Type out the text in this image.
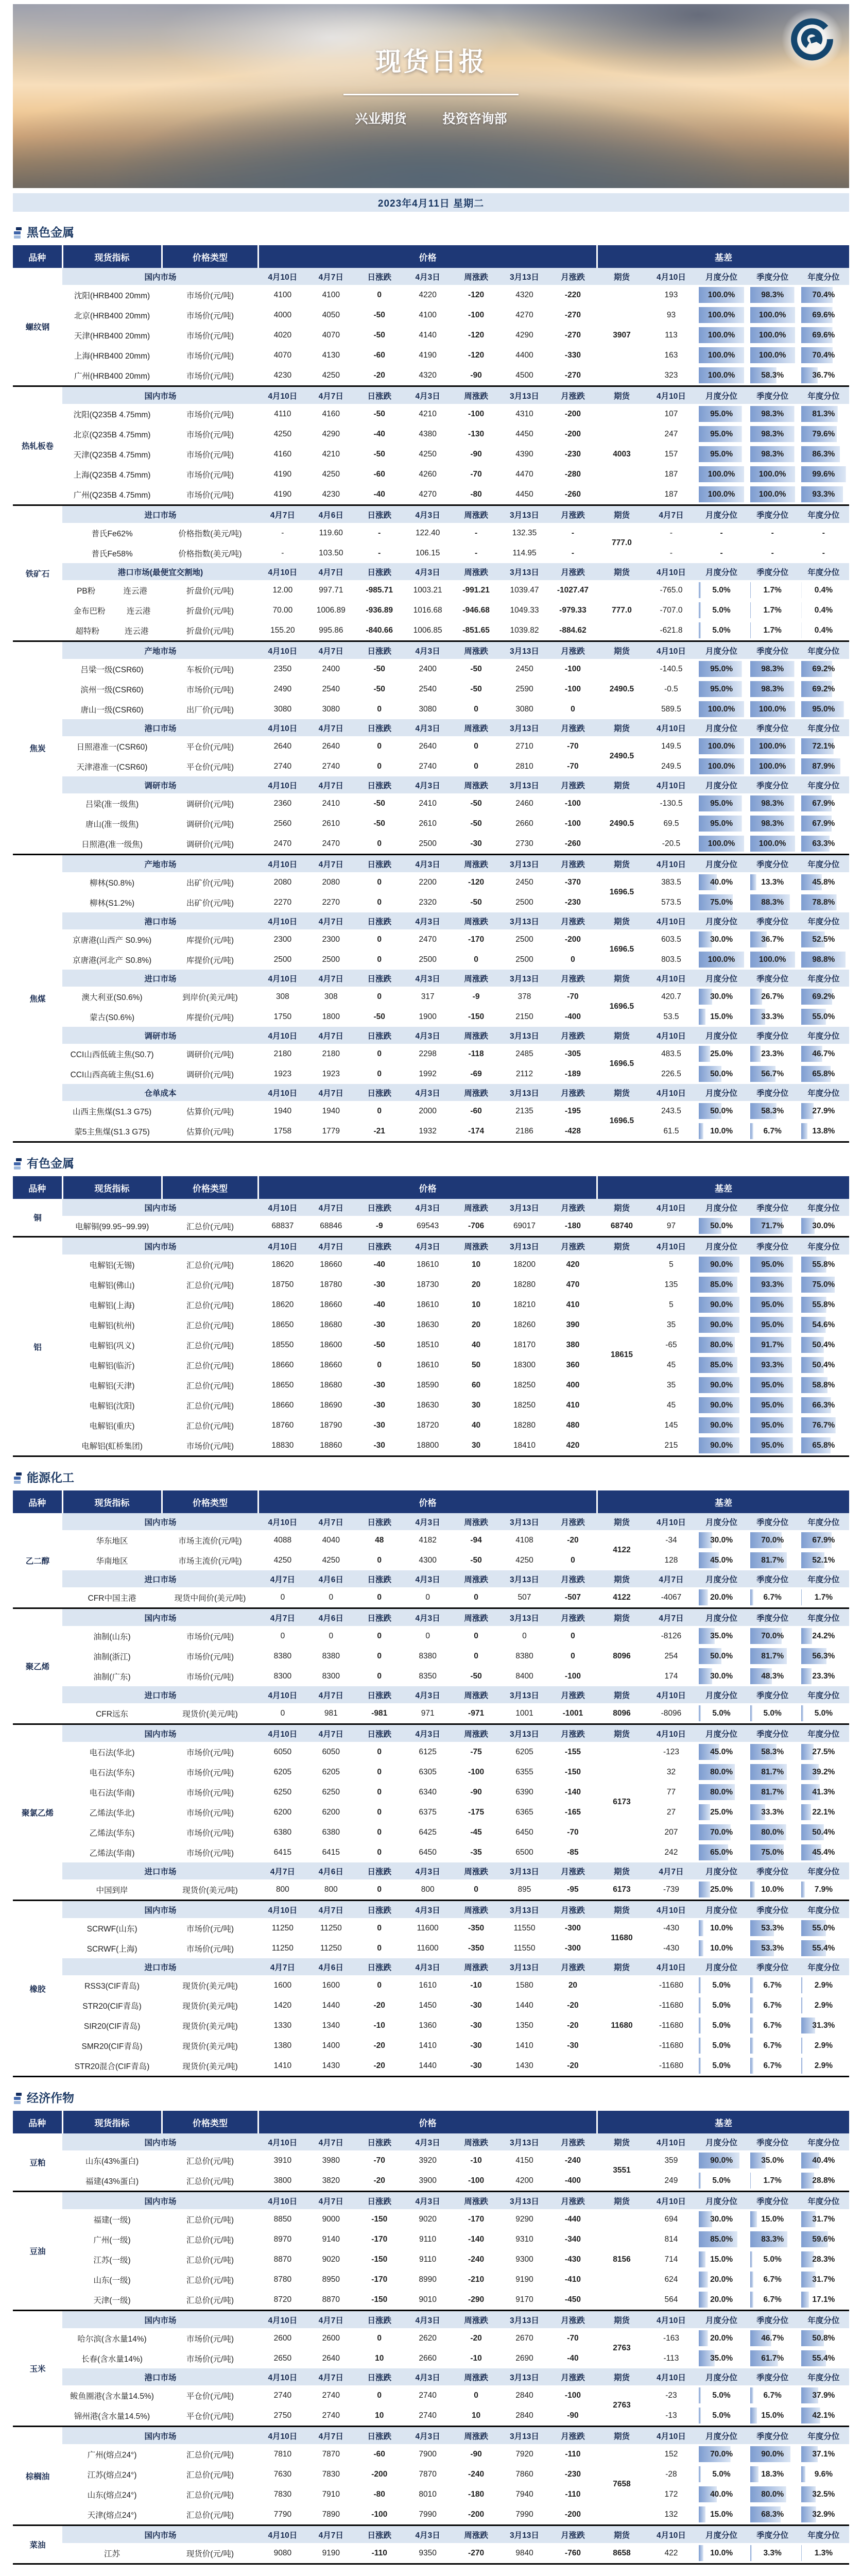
现货日报
兴业期货	投资咨询部
2023年4月11日 星期二
黑色金属
品种	现货指标	价格类型	价格							基差				
螺纹钢	国内市场		4月10日	4月7日	日涨跌	4月3日	周涨跌	3月13日	月涨跌	期货	4月10日	月度分位	季度分位	年度分位
	沈阳(HRB400 20mm)	市场价(元/吨)	4100	4100	0	4220	-120	4320	-220	3907	193	100.0%	98.3%	70.4%
	北京(HRB400 20mm)	市场价(元/吨)	4000	4050	-50	4100	-100	4270	-270		93	100.0%	100.0%	69.6%
	天津(HRB400 20mm)	市场价(元/吨)	4020	4070	-50	4140	-120	4290	-270		113	100.0%	100.0%	69.6%
	上海(HRB400 20mm)	市场价(元/吨)	4070	4130	-60	4190	-120	4400	-330		163	100.0%	100.0%	70.4%
	广州(HRB400 20mm)	市场价(元/吨)	4230	4250	-20	4320	-90	4500	-270		323	100.0%	58.3%	36.7%
热轧板卷	国内市场		4月10日	4月7日	日涨跌	4月3日	周涨跌	3月13日	月涨跌	期货	4月10日	月度分位	季度分位	年度分位
	沈阳(Q235B 4.75mm)	市场价(元/吨)	4110	4160	-50	4210	-100	4310	-200	4003	107	95.0%	98.3%	81.3%
	北京(Q235B 4.75mm)	市场价(元/吨)	4250	4290	-40	4380	-130	4450	-200		247	95.0%	98.3%	79.6%
	天津(Q235B 4.75mm)	市场价(元/吨)	4160	4210	-50	4250	-90	4390	-230		157	95.0%	98.3%	86.3%
	上海(Q235B 4.75mm)	市场价(元/吨)	4190	4250	-60	4260	-70	4470	-280		187	100.0%	100.0%	99.6%
	广州(Q235B 4.75mm)	市场价(元/吨)	4190	4230	-40	4270	-80	4450	-260		187	100.0%	100.0%	93.3%
铁矿石	进口市场		4月7日	4月6日	日涨跌	4月3日	周涨跌	3月13日	月涨跌	期货	4月7日	月度分位	季度分位	年度分位
	普氏Fe62%	价格指数(美元/吨)	-	119.60	-	122.40	-	132.35	-	777.0	-	-	-	-
	普氏Fe58%	价格指数(美元/吨)	-	103.50	-	106.15	-	114.95	-		-	-	-	-
	港口市场(最便宜交割地)		4月10日	4月7日	日涨跌	4月3日	周涨跌	3月13日	月涨跌	期货	4月10日	月度分位	季度分位	年度分位

	PB粉 连云港	折盘价(元/吨)	12.00	997.71	-985.71	1003.21	-991.21	1039.47	-1027.47	777.0	-765.0	5.0%	1.7%	0.4%

	金布巴粉 连云港	折盘价(元/吨)	70.00	1006.89	-936.89	1016.68	-946.68	1049.33	-979.33		-707.0	5.0%	1.7%	0.4%

	超特粉 连云港	折盘价(元/吨)	155.20	995.86	-840.66	1006.85	-851.65	1039.82	-884.62		-621.8	5.0%	1.7%	0.4%
焦炭	产地市场		4月10日	4月7日	日涨跌	4月3日	周涨跌	3月13日	月涨跌	期货	4月10日	月度分位	季度分位	年度分位
	吕梁一级(CSR60)	车板价(元/吨)	2350	2400	-50	2400	-50	2450	-100	2490.5	-140.5	95.0%	98.3%	69.2%
	滨州一级(CSR60)	市场价(元/吨)	2490	2540	-50	2540	-50	2590	-100		-0.5	95.0%	98.3%	69.2%
	唐山一级(CSR60)	出厂价(元/吨)	3080	3080	0	3080	0	3080	0		589.5	100.0%	100.0%	95.0%
	港口市场		4月10日	4月7日	日涨跌	4月3日	周涨跌	3月13日	月涨跌	期货	4月10日	月度分位	季度分位	年度分位
	日照港准一(CSR60)	平仓价(元/吨)	2640	2640	0	2640	0	2710	-70	2490.5	149.5	100.0%	100.0%	72.1%
	天津港准一(CSR60)	平仓价(元/吨)	2740	2740	0	2740	0	2810	-70		249.5	100.0%	100.0%	87.9%
	调研市场		4月10日	4月7日	日涨跌	4月3日	周涨跌	3月13日	月涨跌	期货	4月10日	月度分位	季度分位	年度分位
	吕梁(准一级焦)	调研价(元/吨)	2360	2410	-50	2410	-50	2460	-100	2490.5	-130.5	95.0%	98.3%	67.9%
	唐山(准一级焦)	调研价(元/吨)	2560	2610	-50	2610	-50	2660	-100		69.5	95.0%	98.3%	67.9%
	日照港(准一级焦)	调研价(元/吨)	2470	2470	0	2500	-30	2730	-260		-20.5	100.0%	100.0%	63.3%
焦煤	产地市场		4月10日	4月7日	日涨跌	4月3日	周涨跌	3月13日	月涨跌	期货	4月10日	月度分位	季度分位	年度分位
	柳林(S0.8%)	出矿价(元/吨)	2080	2080	0	2200	-120	2450	-370	1696.5	383.5	40.0%	13.3%	45.8%
	柳林(S1.2%)	出矿价(元/吨)	2270	2270	0	2320	-50	2500	-230		573.5	75.0%	88.3%	78.8%
	港口市场		4月10日	4月7日	日涨跌	4月3日	周涨跌	3月13日	月涨跌	期货	4月10日	月度分位	季度分位	年度分位
	京唐港(山西产 S0.9%)	库提价(元/吨)	2300	2300	0	2470	-170	2500	-200	1696.5	603.5	30.0%	36.7%	52.5%
	京唐港(河北产 S0.8%)	库提价(元/吨)	2500	2500	0	2500	0	2500	0		803.5	100.0%	100.0%	98.8%
	进口市场		4月10日	4月7日	日涨跌	4月3日	周涨跌	3月13日	月涨跌	期货	4月10日	月度分位	季度分位	年度分位
	澳大利亚(S0.6%)	到岸价(美元/吨)	308	308	0	317	-9	378	-70	1696.5	420.7	30.0%	26.7%	69.2%
	蒙古(S0.6%)	库提价(元/吨)	1750	1800	-50	1900	-150	2150	-400		53.5	15.0%	33.3%	55.0%
	调研市场		4月10日	4月7日	日涨跌	4月3日	周涨跌	3月13日	月涨跌	期货	4月10日	月度分位	季度分位	年度分位
	CCI山西低硫主焦(S0.7)	调研价(元/吨)	2180	2180	0	2298	-118	2485	-305	1696.5	483.5	25.0%	23.3%	46.7%
	CCI山西高硫主焦(S1.6)	调研价(元/吨)	1923	1923	0	1992	-69	2112	-189		226.5	50.0%	56.7%	65.8%
	仓单成本		4月10日	4月7日	日涨跌	4月3日	周涨跌	3月13日	月涨跌	期货	4月10日	月度分位	季度分位	年度分位
	山西主焦煤(S1.3 G75)	估算价(元/吨)	1940	1940	0	2000	-60	2135	-195	1696.5	243.5	50.0%	58.3%	27.9%
	蒙5主焦煤(S1.3 G75)	估算价(元/吨)	1758	1779	-21	1932	-174	2186	-428		61.5	10.0%	6.7%	13.8%
有色金属
品种	现货指标	价格类型	价格							基差				
铜	国内市场		4月10日	4月7日	日涨跌	4月3日	周涨跌	3月13日	月涨跌	期货	4月10日	月度分位	季度分位	年度分位
	电解铜(99.95~99.99)	汇总价(元/吨)	68837	68846	-9	69543	-706	69017	-180	68740	97	50.0%	71.7%	30.0%
铝	国内市场		4月10日	4月7日	日涨跌	4月3日	周涨跌	3月13日	月涨跌	期货	4月10日	月度分位	季度分位	年度分位
	电解铝(无锡)	汇总价(元/吨)	18620	18660	-40	18610	10	18200	420	18615	5	90.0%	95.0%	55.8%
	电解铝(佛山)	汇总价(元/吨)	18750	18780	-30	18730	20	18280	470		135	85.0%	93.3%	75.0%
	电解铝(上海)	汇总价(元/吨)	18620	18660	-40	18610	10	18210	410		5	90.0%	95.0%	55.8%
	电解铝(杭州)	汇总价(元/吨)	18650	18680	-30	18630	20	18260	390		35	90.0%	95.0%	54.6%
	电解铝(巩义)	汇总价(元/吨)	18550	18600	-50	18510	40	18170	380		-65	80.0%	91.7%	50.4%
	电解铝(临沂)	汇总价(元/吨)	18660	18660	0	18610	50	18300	360		45	85.0%	93.3%	50.4%
	电解铝(天津)	汇总价(元/吨)	18650	18680	-30	18590	60	18250	400		35	90.0%	95.0%	58.8%
	电解铝(沈阳)	汇总价(元/吨)	18660	18690	-30	18630	30	18250	410		45	90.0%	95.0%	66.3%
	电解铝(重庆)	汇总价(元/吨)	18760	18790	-30	18720	40	18280	480		145	90.0%	95.0%	76.7%
	电解铝(虹桥集团)	市场价(元/吨)	18830	18860	-30	18800	30	18410	420		215	90.0%	95.0%	65.8%
能源化工
品种	现货指标	价格类型	价格							基差				
乙二醇	国内市场		4月10日	4月7日	日涨跌	4月3日	周涨跌	3月13日	月涨跌	期货	4月10日	月度分位	季度分位	年度分位
	华东地区	市场主流价(元/吨)	4088	4040	48	4182	-94	4108	-20	4122	-34	30.0%	70.0%	67.9%
	华南地区	市场主流价(元/吨)	4250	4250	0	4300	-50	4250	0		128	45.0%	81.7%	52.1%
	进口市场		4月7日	4月6日	日涨跌	4月3日	周涨跌	3月13日	月涨跌	期货	4月7日	月度分位	季度分位	年度分位
	CFR中国主港	现货中间价(美元/吨)	0	0	0	0	0	507	-507	4122	-4067	20.0%	6.7%	1.7%
聚乙烯	国内市场		4月7日	4月6日	日涨跌	4月3日	周涨跌	3月13日	月涨跌	期货	4月7日	月度分位	季度分位	年度分位
	油制(山东)	市场价(元/吨)	0	0	0	0	0	0	0	8096	-8126	35.0%	70.0%	24.2%
	油制(浙江)	市场价(元/吨)	8380	8380	0	8380	0	8380	0		254	50.0%	81.7%	56.3%
	油制(广东)	市场价(元/吨)	8300	8300	0	8350	-50	8400	-100		174	30.0%	48.3%	23.3%
	进口市场		4月10日	4月7日	日涨跌	4月3日	周涨跌	3月13日	月涨跌	期货	4月10日	月度分位	季度分位	年度分位
	CFR远东	现货价(美元/吨)	0	981	-981	971	-971	1001	-1001	8096	-8096	5.0%	5.0%	5.0%
聚氯乙烯	国内市场		4月10日	4月7日	日涨跌	4月3日	周涨跌	3月13日	月涨跌	期货	4月10日	月度分位	季度分位	年度分位
	电石法(华北)	市场价(元/吨)	6050	6050	0	6125	-75	6205	-155	6173	-123	45.0%	58.3%	27.5%
	电石法(华东)	市场价(元/吨)	6205	6205	0	6305	-100	6355	-150		32	80.0%	81.7%	39.2%
	电石法(华南)	市场价(元/吨)	6250	6250	0	6340	-90	6390	-140		77	80.0%	81.7%	41.3%
	乙烯法(华北)	市场价(元/吨)	6200	6200	0	6375	-175	6365	-165		27	25.0%	33.3%	22.1%
	乙烯法(华东)	市场价(元/吨)	6380	6380	0	6425	-45	6450	-70		207	70.0%	80.0%	50.4%
	乙烯法(华南)	市场价(元/吨)	6415	6415	0	6450	-35	6500	-85		242	65.0%	75.0%	45.4%
	进口市场		4月7日	4月6日	日涨跌	4月3日	周涨跌	3月13日	月涨跌	期货	4月7日	月度分位	季度分位	年度分位
	中国到岸	现货价(美元/吨)	800	800	0	800	0	895	-95	6173	-739	25.0%	10.0%	7.9%
橡胶	国内市场		4月10日	4月7日	日涨跌	4月3日	周涨跌	3月13日	月涨跌	期货	4月10日	月度分位	季度分位	年度分位
	SCRWF(山东)	市场价(元/吨)	11250	11250	0	11600	-350	11550	-300	11680	-430	10.0%	53.3%	55.0%
	SCRWF(上海)	市场价(元/吨)	11250	11250	0	11600	-350	11550	-300		-430	10.0%	53.3%	55.4%
	进口市场		4月7日	4月6日	日涨跌	4月3日	周涨跌	3月13日	月涨跌	期货	4月10日	月度分位	季度分位	年度分位
	RSS3(CIF青岛)	现货价(美元/吨)	1600	1600	0	1610	-10	1580	20	11680	-11680	5.0%	6.7%	2.9%
	STR20(CIF青岛)	现货价(美元/吨)	1420	1440	-20	1450	-30	1440	-20		-11680	5.0%	6.7%	2.9%
	SIR20(CIF青岛)	现货价(美元/吨)	1330	1340	-10	1360	-30	1350	-20		-11680	5.0%	6.7%	31.3%
	SMR20(CIF青岛)	现货价(美元/吨)	1380	1400	-20	1410	-30	1410	-30		-11680	5.0%	6.7%	2.9%
	STR20混合(CIF青岛)	现货价(美元/吨)	1410	1430	-20	1440	-30	1430	-20		-11680	5.0%	6.7%	2.9%
经济作物
品种	现货指标	价格类型	价格							基差				
豆粕	国内市场		4月10日	4月7日	日涨跌	4月3日	周涨跌	3月13日	月涨跌	期货	4月10日	月度分位	季度分位	年度分位
	山东(43%蛋白)	汇总价(元/吨)	3910	3980	-70	3920	-10	4150	-240	3551	359	90.0%	35.0%	40.4%
	福建(43%蛋白)	汇总价(元/吨)	3800	3820	-20	3900	-100	4200	-400		249	5.0%	1.7%	28.8%
豆油	国内市场		4月10日	4月7日	日涨跌	4月3日	周涨跌	3月13日	月涨跌	期货	4月10日	月度分位	季度分位	年度分位
	福建(一级)	汇总价(元/吨)	8850	9000	-150	9020	-170	9290	-440	8156	694	30.0%	15.0%	31.7%
	广州(一级)	汇总价(元/吨)	8970	9140	-170	9110	-140	9310	-340		814	85.0%	83.3%	59.6%
	江苏(一级)	汇总价(元/吨)	8870	9020	-150	9110	-240	9300	-430		714	15.0%	5.0%	28.3%
	山东(一级)	汇总价(元/吨)	8780	8950	-170	8990	-210	9190	-410		624	20.0%	6.7%	31.7%
	天津(一级)	汇总价(元/吨)	8720	8870	-150	9010	-290	9170	-450		564	20.0%	6.7%	17.1%
玉米	国内市场		4月10日	4月7日	日涨跌	4月3日	周涨跌	3月13日	月涨跌	期货	4月10日	月度分位	季度分位	年度分位
	哈尔滨(含水量14%)	市场价(元/吨)	2600	2600	0	2620	-20	2670	-70	2763	-163	20.0%	46.7%	50.8%
	长春(含水量14%)	市场价(元/吨)	2650	2640	10	2660	-10	2690	-40		-113	35.0%	61.7%	55.4%
	港口市场		4月10日	4月7日	日涨跌	4月3日	周涨跌	3月13日	月涨跌	期货	4月10日	月度分位	季度分位	年度分位
	鲅鱼圈港(含水量14.5%)	平仓价(元/吨)	2740	2740	0	2740	0	2840	-100	2763	-23	5.0%	6.7%	37.9%
	锦州港(含水量14.5%)	平仓价(元/吨)	2750	2740	10	2740	10	2840	-90		-13	5.0%	15.0%	42.1%
棕榈油	国内市场		4月10日	4月7日	日涨跌	4月3日	周涨跌	3月13日	月涨跌	期货	4月10日	月度分位	季度分位	年度分位
	广州(熔点24°)	汇总价(元/吨)	7810	7870	-60	7900	-90	7920	-110	7658	152	70.0%	90.0%	37.1%
	江苏(熔点24°)	汇总价(元/吨)	7630	7830	-200	7870	-240	7860	-230		-28	5.0%	18.3%	9.6%
	山东(熔点24°)	汇总价(元/吨)	7830	7910	-80	8010	-180	7940	-110		172	40.0%	80.0%	32.5%
	天津(熔点24°)	汇总价(元/吨)	7790	7890	-100	7990	-200	7990	-200		132	15.0%	68.3%	32.9%
菜油	国内市场		4月10日	4月7日	日涨跌	4月3日	周涨跌	3月13日	月涨跌	期货	4月10日	月度分位	季度分位	年度分位
	江苏	现货价(元/吨)	9080	9190	-110	9350	-270	9840	-760	8658	422	10.0%	3.3%	1.3%
